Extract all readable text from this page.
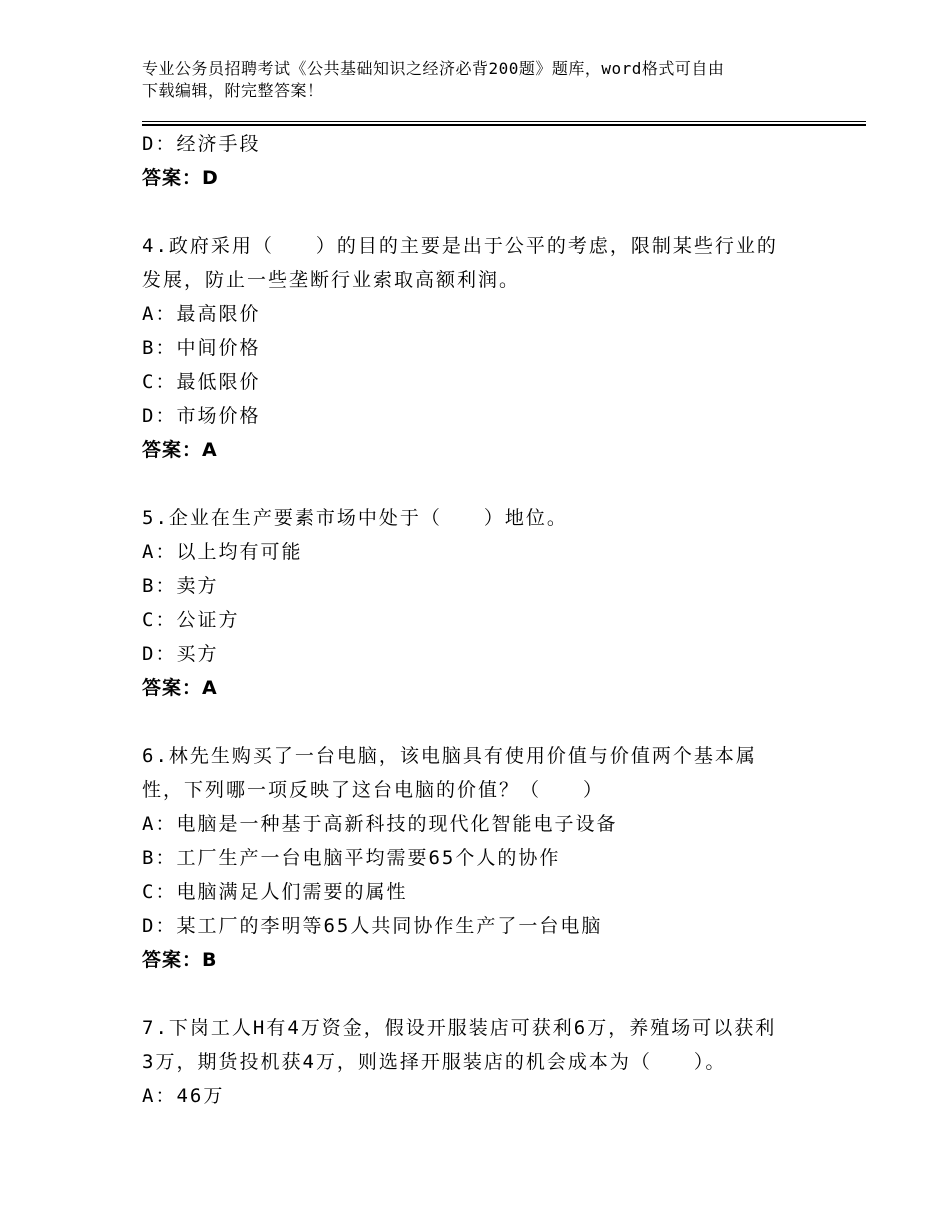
专业公务员招聘考试《公共基础知识之经济必背200题》题库，word格式可自由
下载编辑，附完整答案！
D：经济手段
答案：D
4.政府采用（　　）的目的主要是出于公平的考虑，限制某些行业的
发展，防止一些垄断行业索取高额利润。
A：最高限价
B：中间价格
C：最低限价
D：市场价格
答案：A
5.企业在生产要素市场中处于（　　）地位。
A：以上均有可能
B：卖方
C：公证方
D：买方
答案：A
6.林先生购买了一台电脑，该电脑具有使用价值与价值两个基本属
性，下列哪一项反映了这台电脑的价值？（　　）
A：电脑是一种基于高新科技的现代化智能电子设备
B：工厂生产一台电脑平均需要65个人的协作
C：电脑满足人们需要的属性
D：某工厂的李明等65人共同协作生产了一台电脑
答案：B
7.下岗工人H有4万资金，假设开服装店可获利6万，养殖场可以获利
3万，期货投机获4万，则选择开服装店的机会成本为（　　）。
A：46万
